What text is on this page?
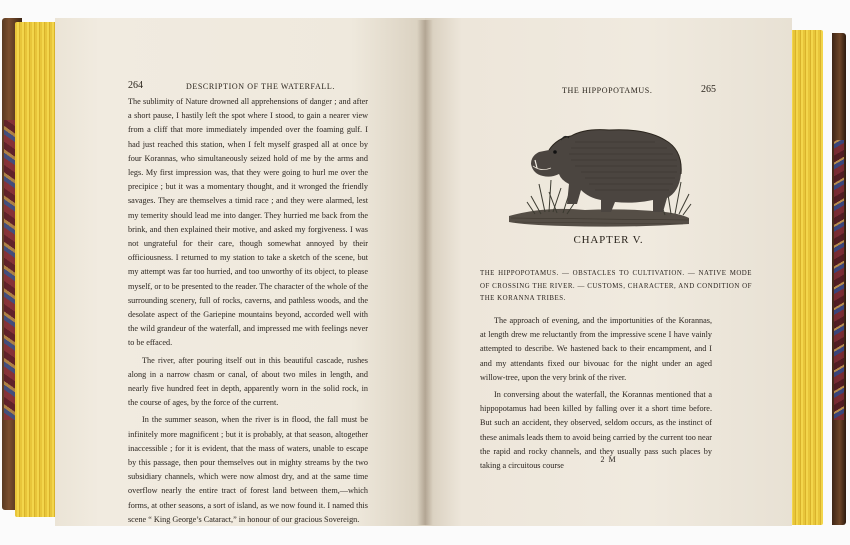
264	DESCRIPTION OF THE WATERFALL.

The sublimity of Nature drowned all apprehensions of danger ; and after a short pause, I hastily left the spot where I stood, to gain a nearer view from a cliff that more immediately impended over the foaming gulf. I had just reached this station, when I felt myself grasped all at once by four Korannas, who simultaneously seized hold of me by the arms and legs. My first impression was, that they were going to hurl me over the precipice ; but it was a momentary thought, and it wronged the friendly savages. They are themselves a timid race ; and they were alarmed, lest my temerity should lead me into danger. They hurried me back from the brink, and then explained their motive, and asked my forgiveness. I was not ungrateful for their care, though somewhat annoyed by their officiousness. I returned to my station to take a sketch of the scene, but my attempt was far too hurried, and too unworthy of its object, to please myself, or to be presented to the reader. The character of the whole of the surrounding scenery, full of rocks, caverns, and pathless woods, and the desolate aspect of the Gariepine mountains beyond, accorded well with the wild grandeur of the waterfall, and impressed me with feelings never to be effaced.

The river, after pouring itself out in this beautiful cascade, rushes along in a narrow chasm or canal, of about two miles in length, and nearly five hundred feet in depth, apparently worn in the solid rock, in the course of ages, by the force of the current.

In the summer season, when the river is in flood, the fall must be infinitely more magnificent ; but it is probably, at that season, altogether inaccessible ; for it is evident, that the mass of waters, unable to escape by this passage, then pour themselves out in mighty streams by the two subsidiary channels, which were now almost dry, and at the same time overflow nearly the entire tract of forest land between them,—which forms, at other seasons, a sort of island, as we now found it. I named this scene “ King George’s Cataract,” in honour of our gracious Sovereign.

THE HIPPOPOTAMUS.	265
CHAPTER V.
THE HIPPOPOTAMUS. — OBSTACLES TO CULTIVATION. — NATIVE MODE OF CROSSING THE RIVER. — CUSTOMS, CHARACTER, AND CONDITION OF THE KORANNA TRIBES.

The approach of evening, and the importunities of the Korannas, at length drew me reluctantly from the impressive scene I have vainly attempted to describe. We hastened back to their encampment, and I and my attendants fixed our bivouac for the night under an aged willow-tree, upon the very brink of the river.

In conversing about the waterfall, the Korannas mentioned that a hippopotamus had been killed by falling over it a short time before. But such an accident, they observed, seldom occurs, as the instinct of these animals leads them to avoid being carried by the current too near the rapid and rocky channels, and they usually pass such places by taking a circuitous course

2 M
